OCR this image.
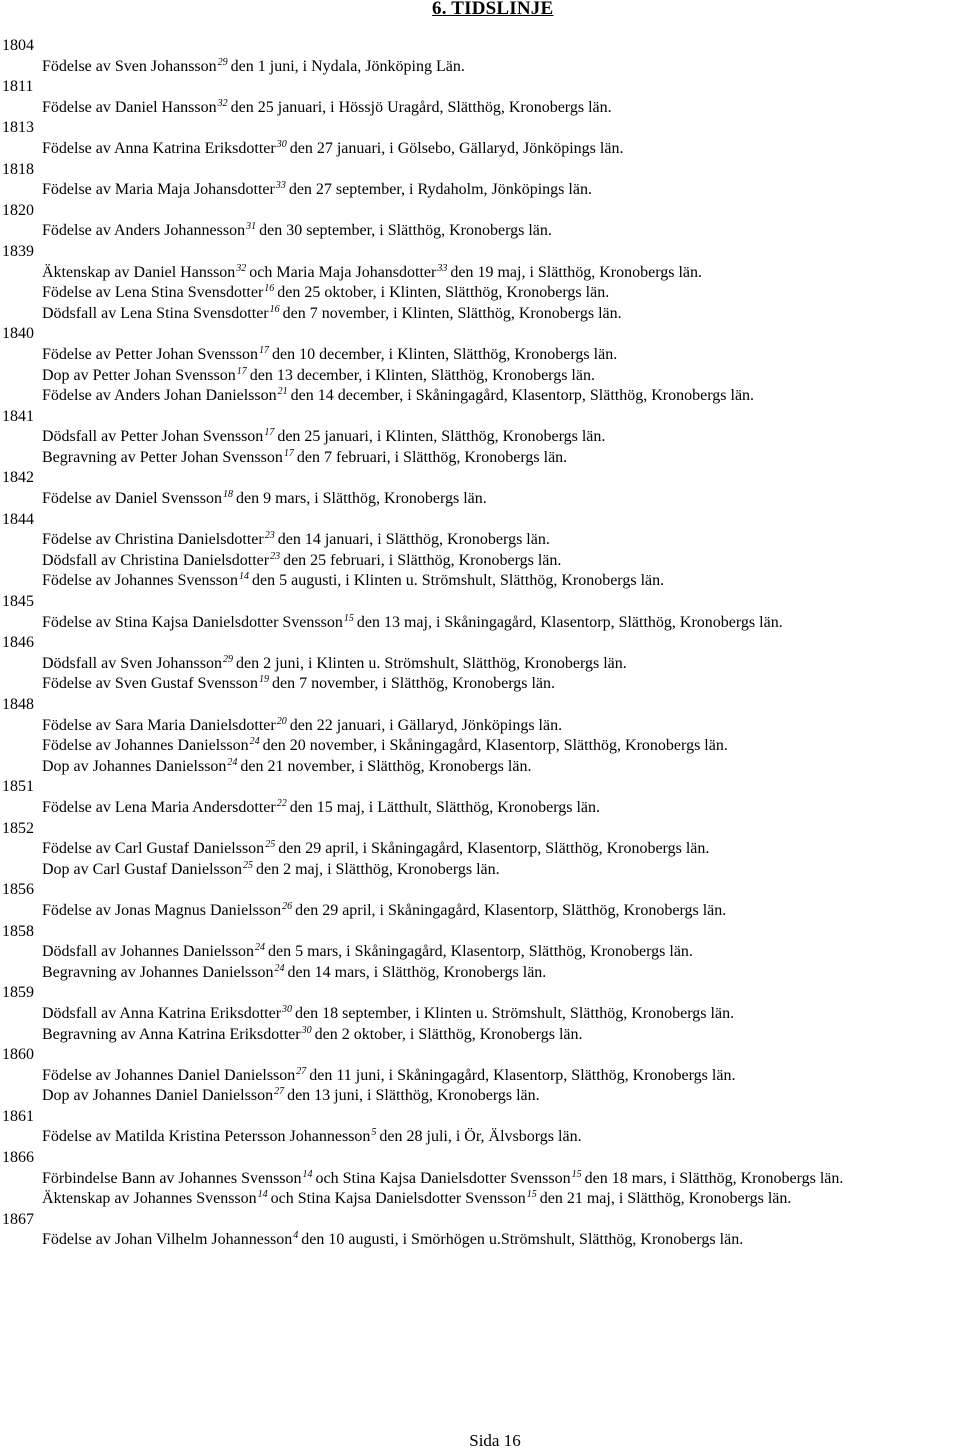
6. TIDSLINJE
1804
Födelse av Sven Johansson$^{29}$ den 1 juni, i Nydala, Jönköping Län.
1811
Födelse av Daniel Hansson$^{32}$ den 25 januari, i Hössjö Uragård, Slätthög, Kronobergs län.
1813
Födelse av Anna Katrina Eriksdotter$^{30}$ den 27 januari, i Gölsebo, Gällaryd, Jönköpings län.
1818
Födelse av Maria Maja Johansdotter$^{33}$ den 27 september, i Rydaholm, Jönköpings län.
1820
Födelse av Anders Johannesson$^{31}$ den 30 september, i Slätthög, Kronobergs län.
1839
Äktenskap av Daniel Hansson$^{32}$ och Maria Maja Johansdotter$^{33}$ den 19 maj, i Slätthög, Kronobergs län.
Födelse av Lena Stina Svensdotter$^{16}$ den 25 oktober, i Klinten, Slätthög, Kronobergs län.
Dödsfall av Lena Stina Svensdotter$^{16}$ den 7 november, i Klinten, Slätthög, Kronobergs län.
1840
Födelse av Petter Johan Svensson$^{17}$ den 10 december, i Klinten, Slätthög, Kronobergs län.
Dop av Petter Johan Svensson$^{17}$ den 13 december, i Klinten, Slätthög, Kronobergs län.
Födelse av Anders Johan Danielsson$^{21}$ den 14 december, i Skåningagård, Klasentorp, Slätthög, Kronobergs län.
1841
Dödsfall av Petter Johan Svensson$^{17}$ den 25 januari, i Klinten, Slätthög, Kronobergs län.
Begravning av Petter Johan Svensson$^{17}$ den 7 februari, i Slätthög, Kronobergs län.
1842
Födelse av Daniel Svensson$^{18}$ den 9 mars, i Slätthög, Kronobergs län.
1844
Födelse av Christina Danielsdotter$^{23}$ den 14 januari, i Slätthög, Kronobergs län.
Dödsfall av Christina Danielsdotter$^{23}$ den 25 februari, i Slätthög, Kronobergs län.
Födelse av Johannes Svensson$^{14}$ den 5 augusti, i Klinten u. Strömshult, Slätthög, Kronobergs län.
1845
Födelse av Stina Kajsa Danielsdotter Svensson$^{15}$ den 13 maj, i Skåningagård, Klasentorp, Slätthög, Kronobergs län.
1846
Dödsfall av Sven Johansson$^{29}$ den 2 juni, i Klinten u. Strömshult, Slätthög, Kronobergs län.
Födelse av Sven Gustaf Svensson$^{19}$ den 7 november, i Slätthög, Kronobergs län.
1848
Födelse av Sara Maria Danielsdotter$^{20}$ den 22 januari, i Gällaryd, Jönköpings län.
Födelse av Johannes Danielsson$^{24}$ den 20 november, i Skåningagård, Klasentorp, Slätthög, Kronobergs län.
Dop av Johannes Danielsson$^{24}$ den 21 november, i Slätthög, Kronobergs län.
1851
Födelse av Lena Maria Andersdotter$^{22}$ den 15 maj, i Lätthult, Slätthög, Kronobergs län.
1852
Födelse av Carl Gustaf Danielsson$^{25}$ den 29 april, i Skåningagård, Klasentorp, Slätthög, Kronobergs län.
Dop av Carl Gustaf Danielsson$^{25}$ den 2 maj, i Slätthög, Kronobergs län.
1856
Födelse av Jonas Magnus Danielsson$^{26}$ den 29 april, i Skåningagård, Klasentorp, Slätthög, Kronobergs län.
1858
Dödsfall av Johannes Danielsson$^{24}$ den 5 mars, i Skåningagård, Klasentorp, Slätthög, Kronobergs län.
Begravning av Johannes Danielsson$^{24}$ den 14 mars, i Slätthög, Kronobergs län.
1859
Dödsfall av Anna Katrina Eriksdotter$^{30}$ den 18 september, i Klinten u. Strömshult, Slätthög, Kronobergs län.
Begravning av Anna Katrina Eriksdotter$^{30}$ den 2 oktober, i Slätthög, Kronobergs län.
1860
Födelse av Johannes Daniel Danielsson$^{27}$ den 11 juni, i Skåningagård, Klasentorp, Slätthög, Kronobergs län.
Dop av Johannes Daniel Danielsson$^{27}$ den 13 juni, i Slätthög, Kronobergs län.
1861
Födelse av Matilda Kristina Petersson Johannesson$^5$ den 28 juli, i Ör, Älvsborgs län.
1866
Förbindelse Bann av Johannes Svensson$^{14}$ och Stina Kajsa Danielsdotter Svensson$^{15}$ den 18 mars, i Slätthög, Kronobergs län.
Äktenskap av Johannes Svensson$^{14}$ och Stina Kajsa Danielsdotter Svensson$^{15}$ den 21 maj, i Slätthög, Kronobergs län.
1867
Födelse av Johan Vilhelm Johannesson$^4$ den 10 augusti, i Smörhögen u.Strömshult, Slätthög, Kronobergs län.
Sida 16
